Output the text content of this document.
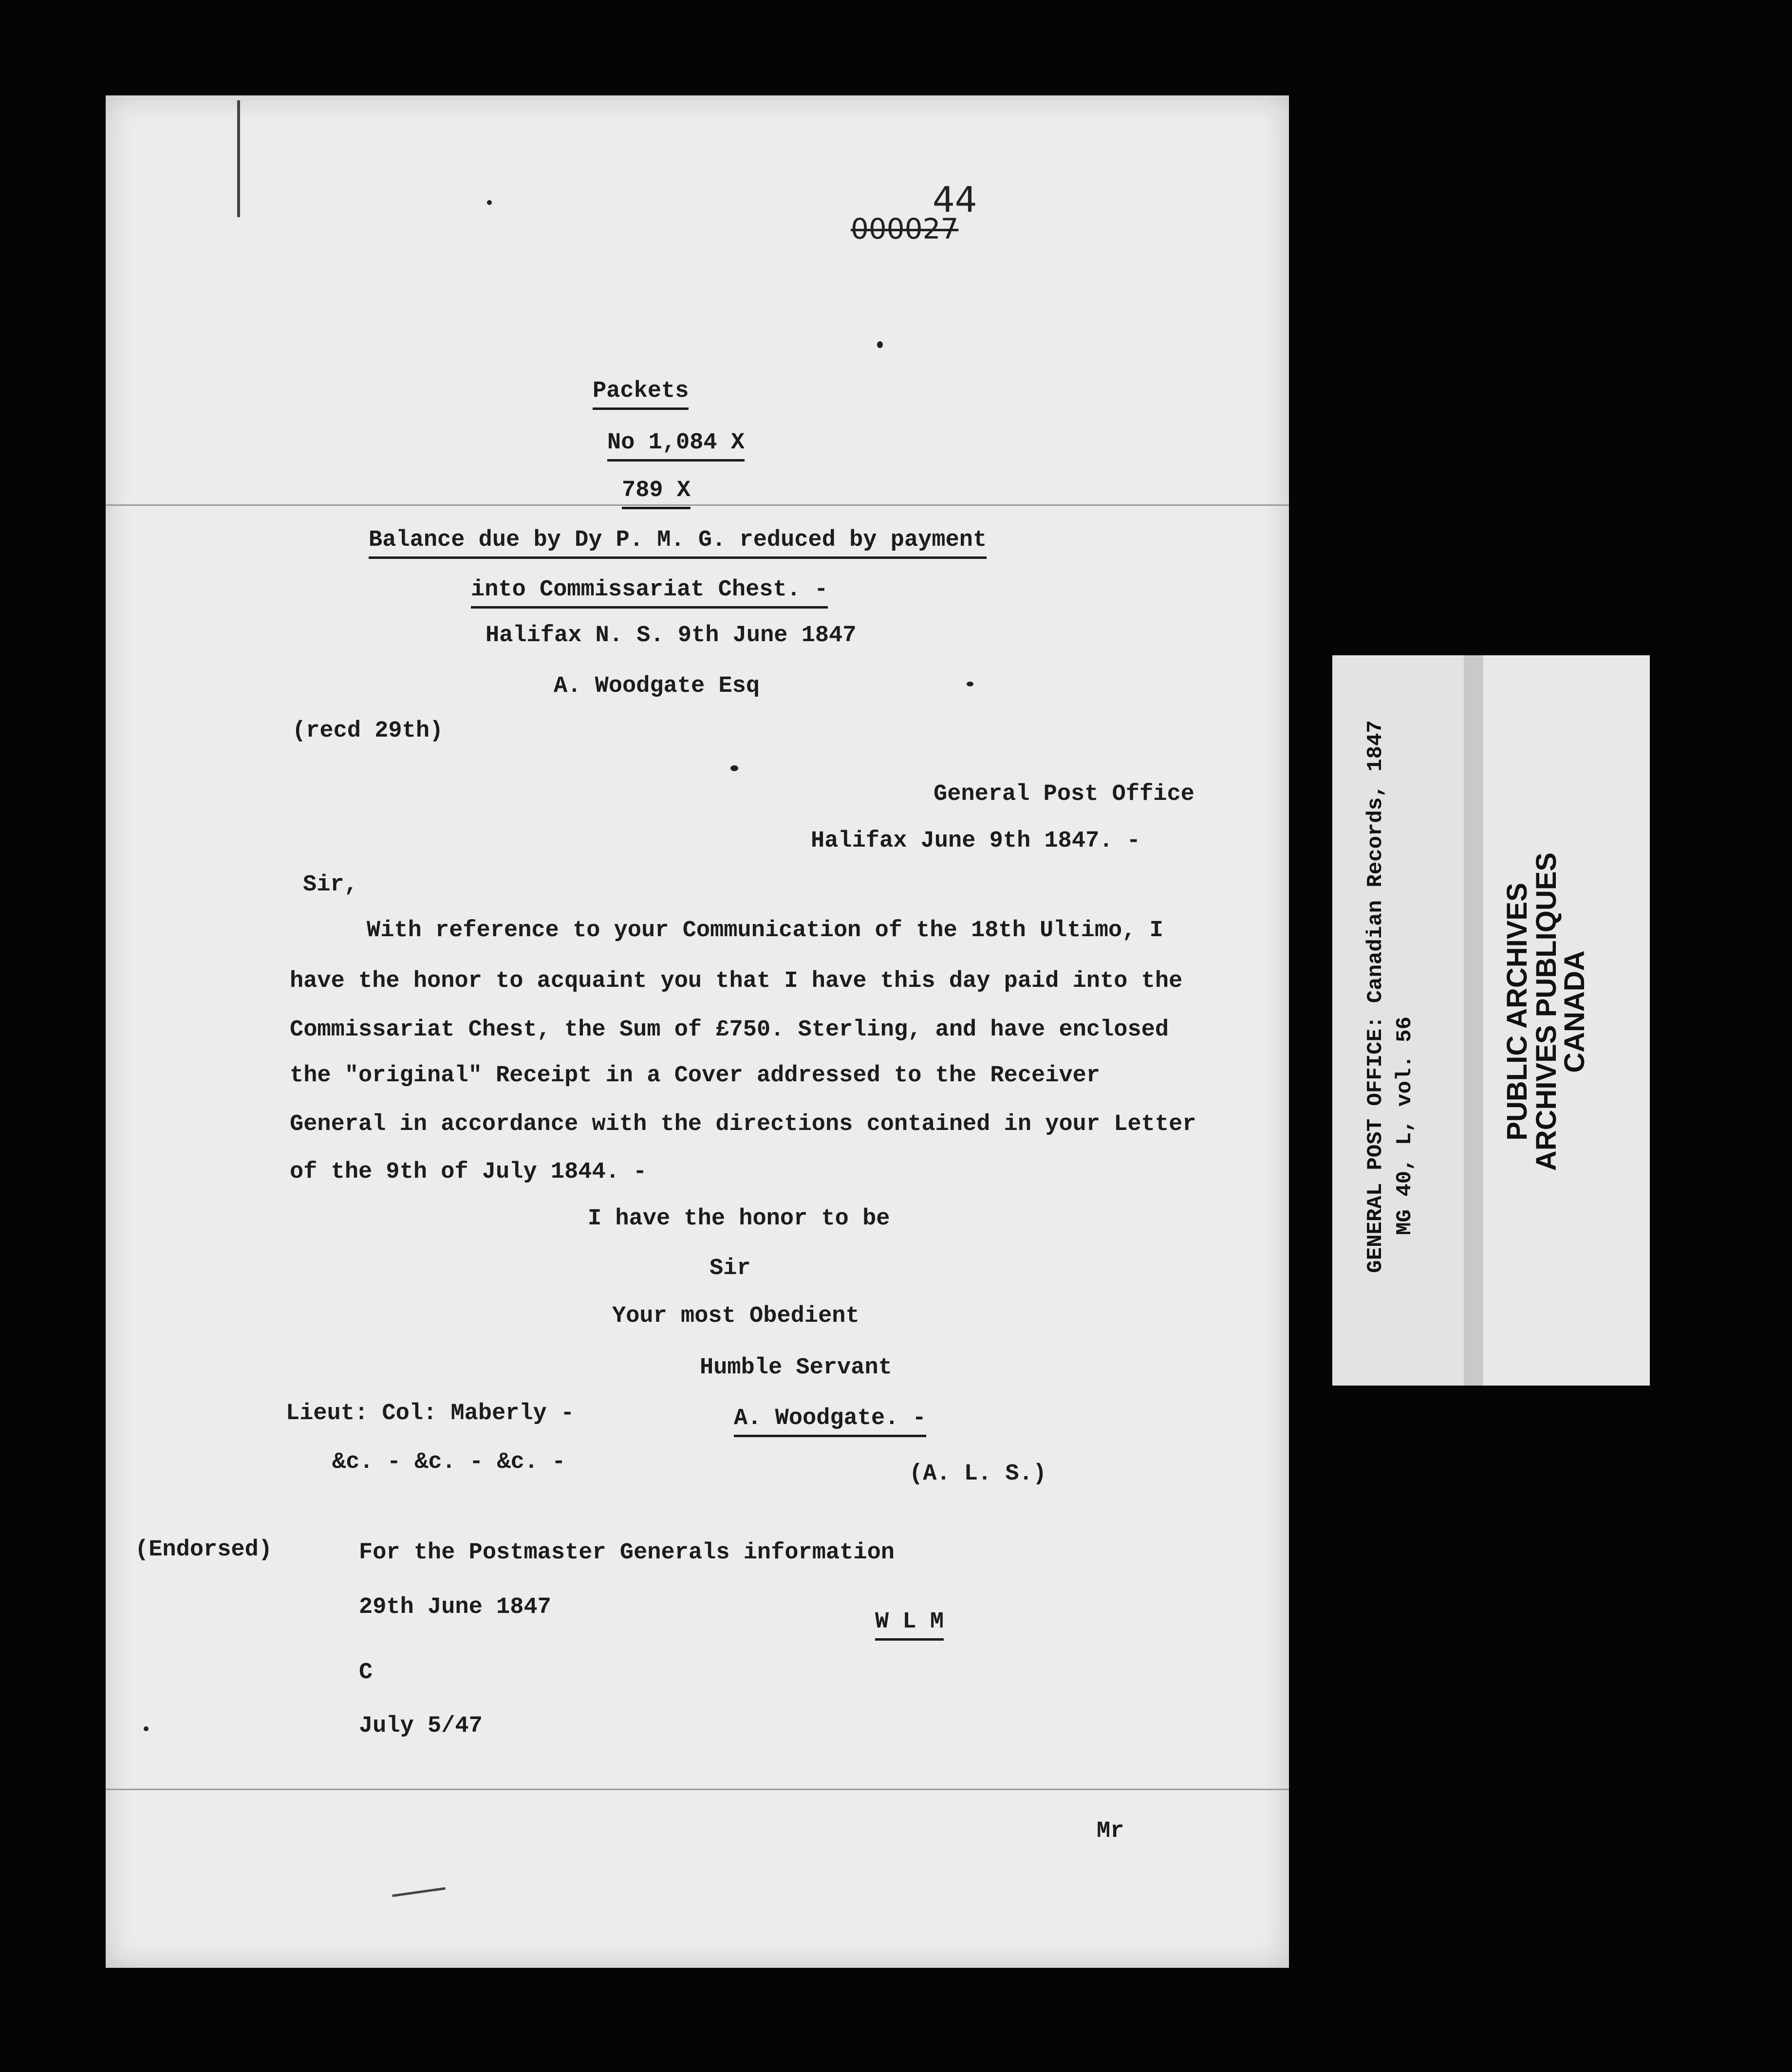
44
000027
Packets
No 1,084 X
789 X
Balance due by Dy P. M. G. reduced by payment
into Commissariat Chest. -
Halifax N. S. 9th June 1847
A. Woodgate Esq
(recd 29th)
General Post Office
Halifax June 9th 1847. -
Sir,
With reference to your Communication of the 18th Ultimo, I
have the honor to acquaint you that I have this day paid into the
Commissariat Chest, the Sum of £750. Sterling, and have enclosed
the "original" Receipt in a Cover addressed to the Receiver
General in accordance with the directions contained in your Letter
of the 9th of July 1844. -
I have the honor to be
Sir
Your most Obedient
Humble Servant
Lieut: Col: Maberly -	A. Woodgate. -
&c. - &c. - &c. -	(A. L. S.)
(Endorsed)	For the Postmaster Generals information
29th June 1847
W L M
C
July 5/47
Mr
GENERAL POST OFFICE: Canadian Records, 1847 MG 40, L, vol. 56	PUBLIC ARCHIVES
ARCHIVES PUBLIQUES
CANADA
